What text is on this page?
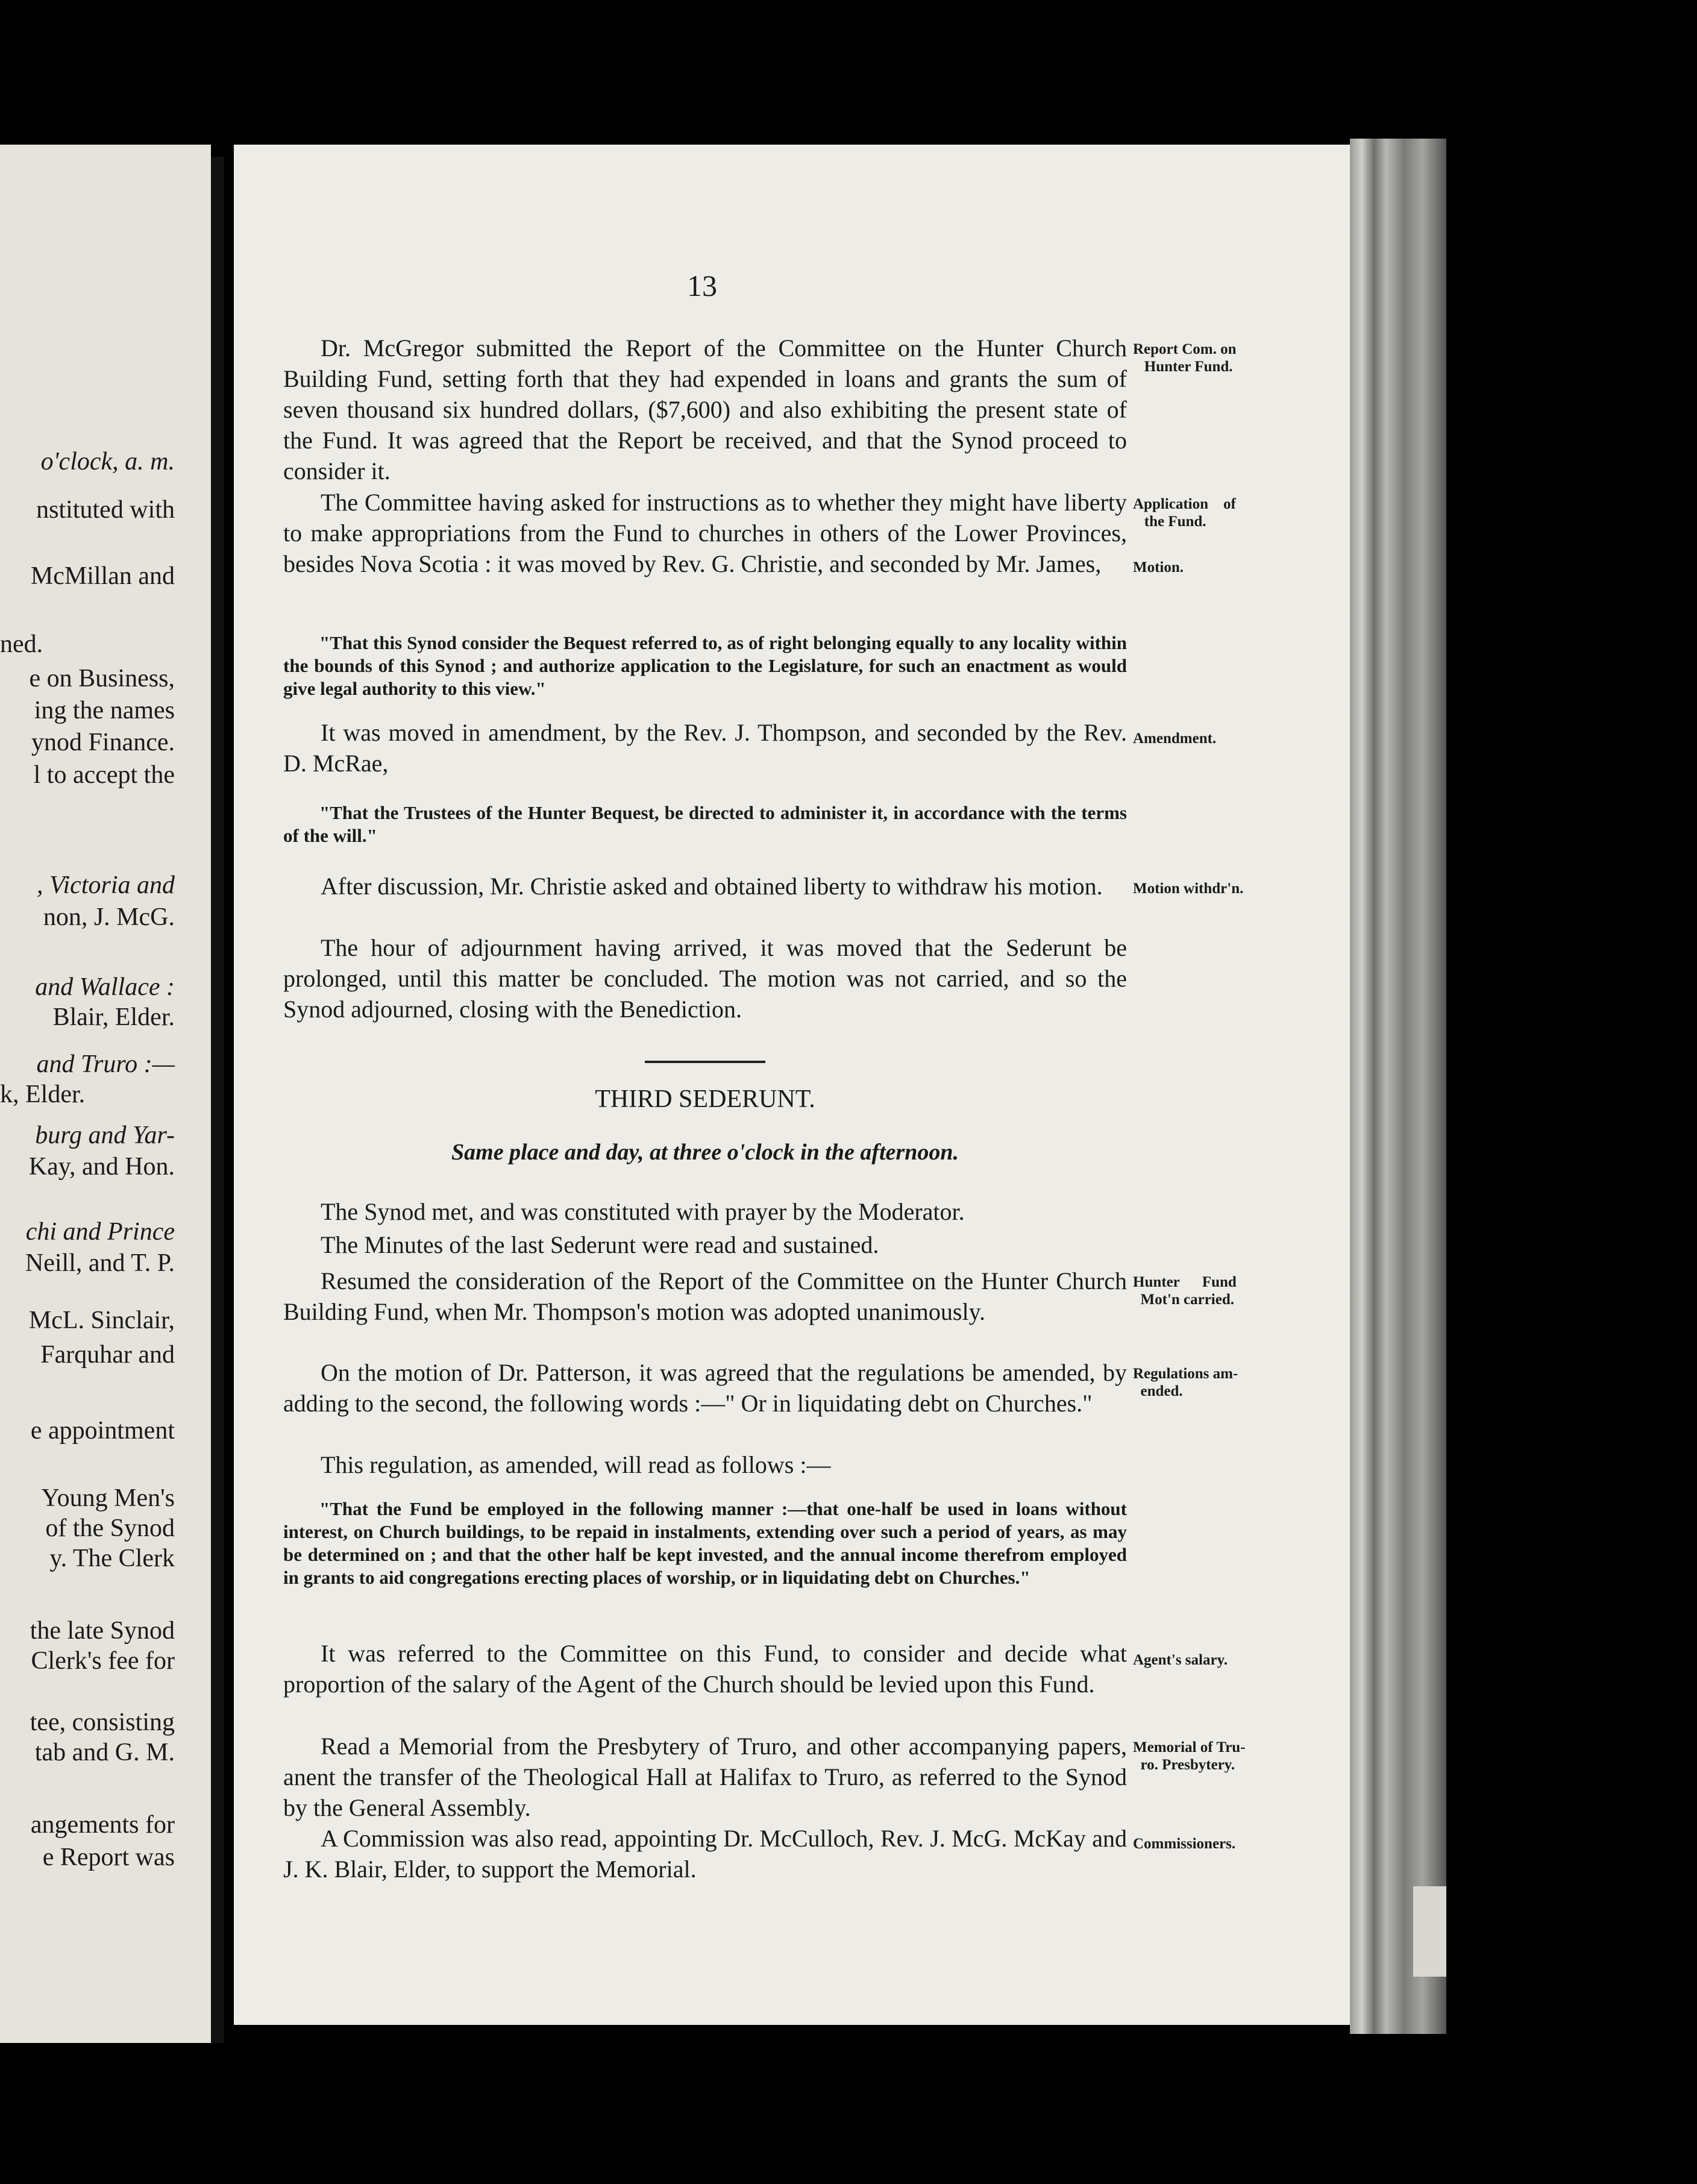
o'clock, a. m.
nstituted with
McMillan and
ned.
e on Business,
ing the names
ynod Finance.
l to accept the
, Victoria and
non, J. McG.
and Wallace :
Blair, Elder.
and Truro :—
k, Elder.
burg and Yar-
Kay, and Hon.
chi and Prince
Neill, and T. P.
McL. Sinclair,
Farquhar and
e appointment
Young Men's
of the Synod
y. The Clerk
the late Synod
Clerk's fee for
tee, consisting
tab and G. M.
angements for
e Report was
13

Dr. McGregor submitted the Report of the Committee on the Hunter Church Building Fund, setting forth that they had expended in loans and grants the sum of seven thousand six hundred dollars, ($7,600) and also exhibiting the present state of the Fund. It was agreed that the Report be received, and that the Synod proceed to consider it.

The Committee having asked for instructions as to whether they might have liberty to make appropriations from the Fund to churches in others of the Lower Provinces, besides Nova Scotia : it was moved by Rev. G. Christie, and seconded by Mr. James,

It was moved in amendment, by the Rev. J. Thompson, and seconded by the Rev. D. McRae,

After discussion, Mr. Christie asked and obtained liberty to withdraw his motion.

The hour of adjournment having arrived, it was moved that the Sederunt be prolonged, until this matter be concluded. The motion was not carried, and so the Synod adjourned, closing with the Benediction.

The Synod met, and was constituted with prayer by the Moderator.

The Minutes of the last Sederunt were read and sustained.

Resumed the consideration of the Report of the Committee on the Hunter Church Building Fund, when Mr. Thompson's motion was adopted unanimously.

On the motion of Dr. Patterson, it was agreed that the regulations be amended, by adding to the second, the following words :—" Or in liquidating debt on Churches."

This regulation, as amended, will read as follows :—

It was referred to the Committee on this Fund, to consider and decide what proportion of the salary of the Agent of the Church should be levied upon this Fund.

Read a Memorial from the Presbytery of Truro, and other accompanying papers, anent the transfer of the Theological Hall at Halifax to Truro, as referred to the Synod by the General Assembly.

A Commission was also read, appointing Dr. McCulloch, Rev. J. McG. McKay and J. K. Blair, Elder, to support the Memorial.

"That this Synod consider the Bequest referred to, as of right belonging equally to any locality within the bounds of this Synod ; and authorize application to the Legislature, for such an enactment as would give legal authority to this view."

"That the Trustees of the Hunter Bequest, be directed to administer it, in accordance with the terms of the will."

"That the Fund be employed in the following manner :—that one-half be used in loans without interest, on Church buildings, to be repaid in instalments, extending over such a period of years, as may be determined on ; and that the other half be kept invested, and the annual income therefrom employed in grants to aid congregations erecting places of worship, or in liquidating debt on Churches."

Report Com. on
Hunter Fund.
Application    of
the Fund.
Motion.
Amendment.
Motion withdr'n.
Hunter      Fund
Mot'n carried.
Regulations am-
ended.
Agent's salary.
Memorial of Tru-
ro. Presbytery.
Commissioners.
THIRD SEDERUNT.
Same place and day, at three o'clock in the afternoon.
